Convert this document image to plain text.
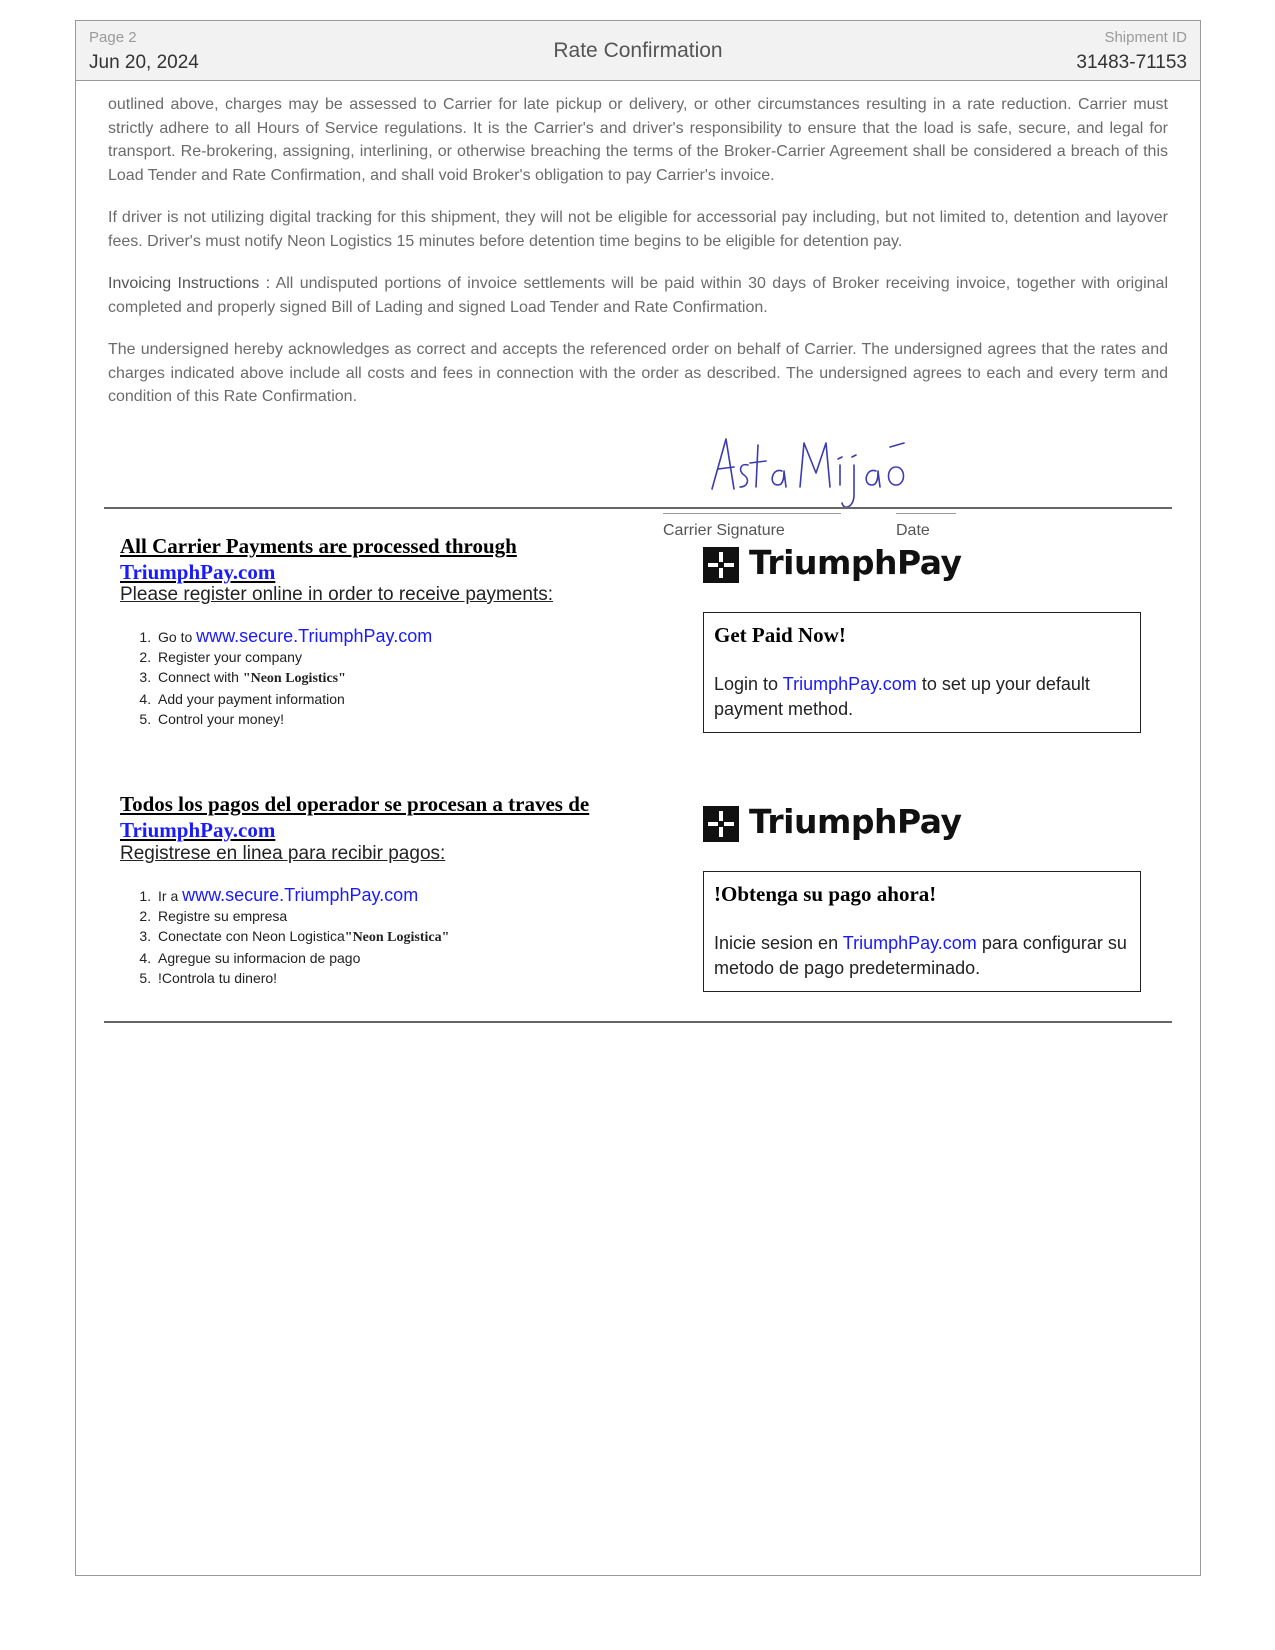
Page 2
Jun 20, 2024
Rate Confirmation
Shipment ID
31483-71153

outlined above, charges may be assessed to Carrier for late pickup or delivery, or other circumstances resulting in a rate reduction. Carrier must strictly adhere to all Hours of Service regulations. It is the Carrier's and driver's responsibility to ensure that the load is safe, secure, and legal for transport. Re-brokering, assigning, interlining, or otherwise breaching the terms of the Broker-Carrier Agreement shall be considered a breach of this Load Tender and Rate Confirmation, and shall void Broker's obligation to pay Carrier's invoice.

If driver is not utilizing digital tracking for this shipment, they will not be eligible for accessorial pay including, but not limited to, detention and layover fees. Driver's must notify Neon Logistics 15 minutes before detention time begins to be eligible for detention pay.

Invoicing Instructions : All undisputed portions of invoice settlements will be paid within 30 days of Broker receiving invoice, together with original completed and properly signed Bill of Lading and signed Load Tender and Rate Confirmation.

The undersigned hereby acknowledges as correct and accepts the referenced order on behalf of Carrier. The undersigned agrees that the rates and charges indicated above include all costs and fees in connection with the order as described. The undersigned agrees to each and every term and condition of this Rate Confirmation.

Carrier Signature	Date
All Carrier Payments are processed through
TriumphPay.com
Please register online in order to receive payments:
1. Go to www.secure.TriumphPay.com
2. Register your company
3. Connect with "Neon Logistics"
4. Add your payment information
5. Control your money!
TriumphPay
Get Paid Now!
Login to TriumphPay.com to set up your default payment method.
Todos los pagos del operador se procesan a traves de
TriumphPay.com
Registrese en linea para recibir pagos:
1. Ir a www.secure.TriumphPay.com
2. Registre su empresa
3. Conectate con Neon Logistica"Neon Logistica"
4. Agregue su informacion de pago
5. !Controla tu dinero!
TriumphPay
!Obtenga su pago ahora!
Inicie sesion en TriumphPay.com para configurar su metodo de pago predeterminado.
